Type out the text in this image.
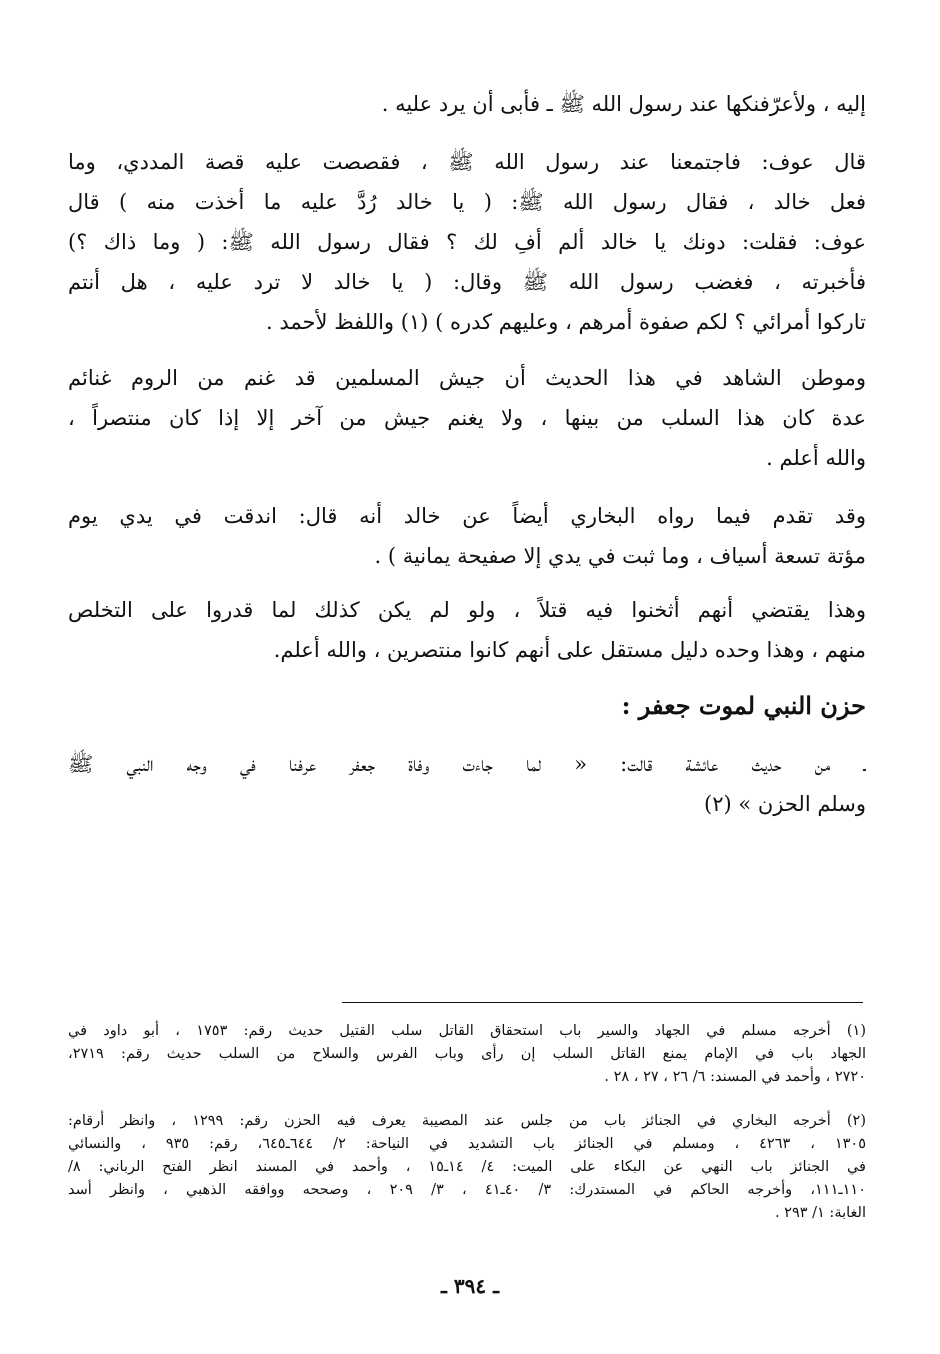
إليه ، ولأعرّفنكها عند رسول الله ﷺ ـ فأبى أن يرد عليه .
قال عوف: فاجتمعنا عند رسول الله ﷺ ، فقصصت عليه قصة المددي، وما
فعل خالد ، فقال رسول الله ﷺ: ( يا خالد رُدَّ عليه ما أخذت منه ) قال
عوف: فقلت: دونك يا خالد ألم أفِ لك ؟ فقال رسول الله ﷺ: ( وما ذاك ؟)
فأخبرته ، فغضب رسول الله ﷺ وقال: ( يا خالد لا ترد عليه ، هل أنتم
تاركوا أمرائي ؟ لكم صفوة أمرهم ، وعليهم كدره ) (١) واللفظ لأحمد .
وموطن الشاهد في هذا الحديث أن جيش المسلمين قد غنم من الروم غنائم
عدة كان هذا السلب من بينها ، ولا يغنم جيش من آخر إلا إذا كان منتصراً ،
والله أعلم .
وقد تقدم فيما رواه البخاري أيضاً عن خالد أنه قال: اندقت في يدي يوم
مؤتة تسعة أسياف ، وما ثبت في يدي إلا صفيحة يمانية ) .
وهذا يقتضي أنهم أثخنوا فيه قتلاً ، ولو لم يكن كذلك لما قدروا على التخلص
منهم ، وهذا وحده دليل مستقل على أنهم كانوا منتصرين ، والله أعلم.
حزن النبي لموت جعفر :
ـ من حديث عائشة قالت: « لما جاءت وفاة جعفر عرفنا في وجه النبي ﷺ
وسلم الحزن » (٢)
(١) أخرجه مسلم في الجهاد والسير باب استحقاق القاتل سلب القتيل حديث رقم: ١٧٥٣ ، أبو داود في
الجهاد باب في الإمام يمنع القاتل السلب إن رأى وباب الفرس والسلاح من السلب حديث رقم: ٢٧١٩،
٢٧٢٠ ، وأحمد في المسند: ٦/ ٢٦ ، ٢٧ ، ٢٨ .
(٢) أخرجه البخاري في الجنائز باب من جلس عند المصيبة يعرف فيه الحزن رقم: ١٢٩٩ ، وانظر أرقام:
١٣٠٥ ، ٤٢٦٣ ، ومسلم في الجنائز باب التشديد في النياحة: ٢/ ٦٤٤ـ٦٤٥، رقم: ٩٣٥ ، والنسائي
في الجنائز باب النهي عن البكاء على الميت: ٤/ ١٤ـ١٥ ، وأحمد في المسند انظر الفتح الرباني: ٨/
١١٠ـ١١١، وأخرجه الحاكم في المستدرك: ٣/ ٤٠ـ٤١ ، ٣/ ٢٠٩ ، وصححه ووافقه الذهبي ، وانظر أسد
الغابة: ١/ ٢٩٣ .
ـ ٣٩٤ ـ
